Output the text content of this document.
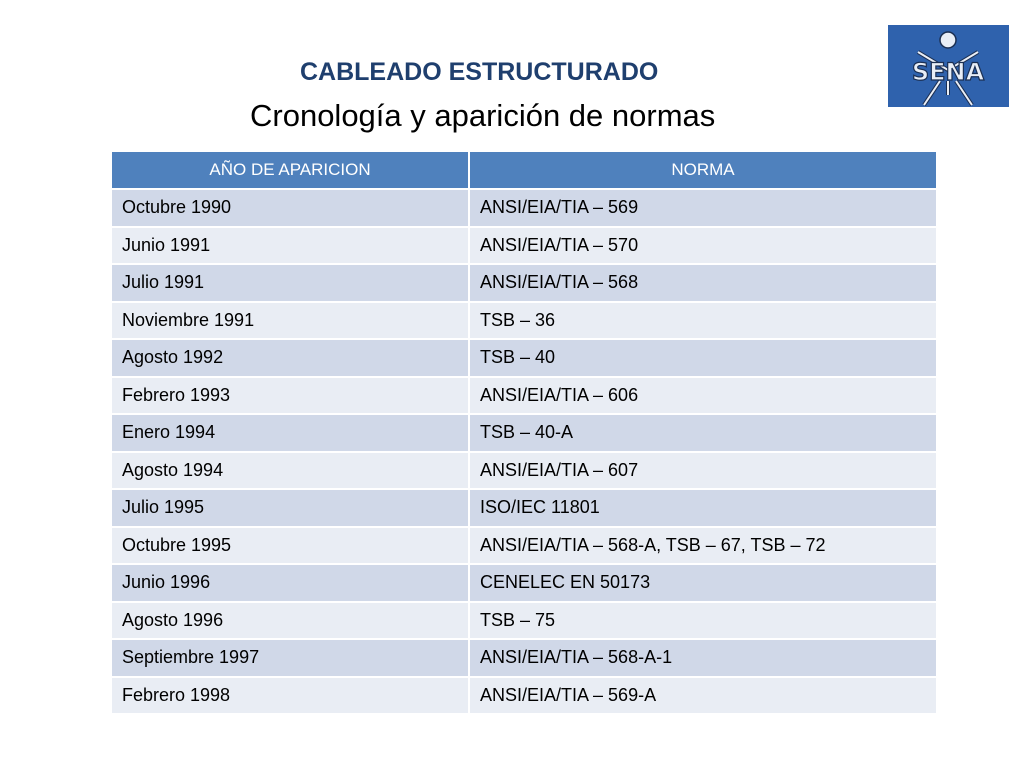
CABLEADO ESTRUCTURADO
Cronología y aparición de normas
SENA
AÑO DE APARICION	NORMA
Octubre 1990	ANSI/EIA/TIA – 569
Junio 1991	ANSI/EIA/TIA – 570
Julio 1991	ANSI/EIA/TIA – 568
Noviembre 1991	TSB – 36
Agosto 1992	TSB – 40
Febrero 1993	ANSI/EIA/TIA – 606
Enero 1994	TSB – 40-A
Agosto 1994	ANSI/EIA/TIA – 607
Julio 1995	ISO/IEC 11801
Octubre 1995	ANSI/EIA/TIA – 568-A, TSB – 67, TSB – 72
Junio 1996	CENELEC EN 50173
Agosto 1996	TSB – 75
Septiembre 1997	ANSI/EIA/TIA – 568-A-1
Febrero 1998	ANSI/EIA/TIA – 569-A
